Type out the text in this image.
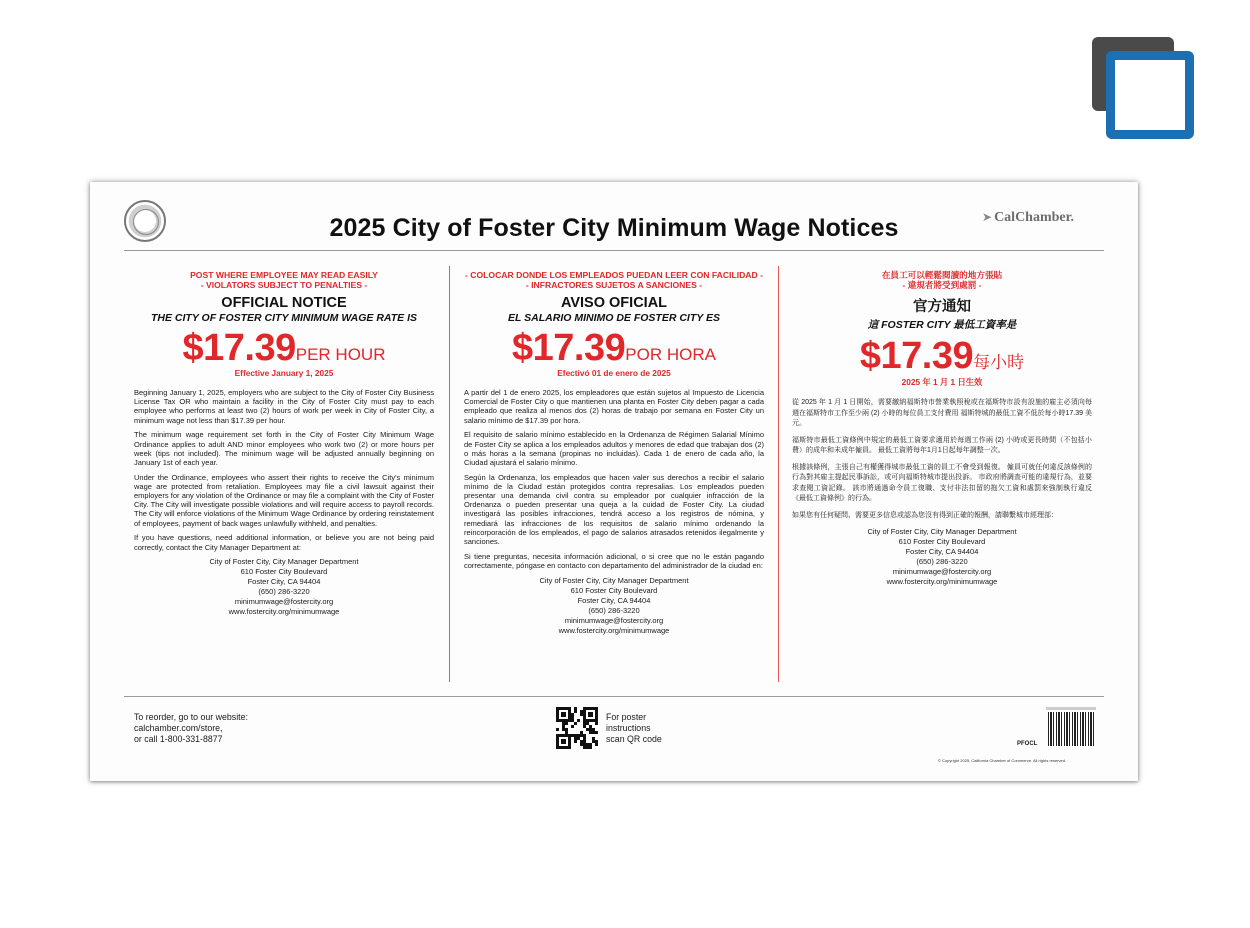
2025 City of Foster City Minimum Wage Notices	➤ CalChamber.
POST WHERE EMPLOYEE MAY READ EASILY
- VIOLATORS SUBJECT TO PENALTIES -
OFFICIAL NOTICE
THE CITY OF FOSTER CITY MINIMUM WAGE RATE IS
$17.39PER HOUR
Effective January 1, 2025

Beginning January 1, 2025, employers who are subject to the City of Foster City Business License Tax OR who maintain a facility in the City of Foster City must pay to each employee who performs at least two (2) hours of work per week in City of Foster City, a minimum wage not less than $17.39 per hour.

The minimum wage requirement set forth in the City of Foster City Minimum Wage Ordinance applies to adult AND minor employees who work two (2) or more hours per week (tips not included). The minimum wage will be adjusted annually beginning on January 1st of each year.

Under the Ordinance, employees who assert their rights to receive the City's minimum wage are protected from retaliation. Employees may file a civil lawsuit against their employers for any violation of the Ordinance or may file a complaint with the City of Foster City. The City will investigate possible violations and will require access to payroll records. The City will enforce violations of the Minimum Wage Ordinance by ordering reinstatement of employees, payment of back wages unlawfully withheld, and penalties.

If you have questions, need additional information, or believe you are not being paid correctly, contact the City Manager Department at:

City of Foster City, City Manager Department
610 Foster City Boulevard
Foster City, CA 94404
(650) 286-3220
minimumwage@fostercity.org
www.fostercity.org/minimumwage
- COLOCAR DONDE LOS EMPLEADOS PUEDAN LEER CON FACILIDAD -
- INFRACTORES SUJETOS A SANCIONES -
AVISO OFICIAL
EL SALARIO MINIMO DE FOSTER CITY ES
$17.39POR HORA
Efectivó 01 de enero de 2025

A partir del 1 de enero 2025, los empleadores que están sujetos al Impuesto de Licencia Comercial de Foster City o que mantienen una planta en Foster City deben pagar a cada empleado que realiza al menos dos (2) horas de trabajo por semana en Foster City un salario mínimo de $17.39 por hora.

El requisito de salario mínimo establecido en la Ordenanza de Régimen Salarial Mínimo de Foster City se aplica a los empleados adultos y menores de edad que trabajan dos (2) o más horas a la semana (propinas no incluidas). Cada 1 de enero de cada año, la Ciudad ajustará el salario mínimo.

Según la Ordenanza, los empleados que hacen valer sus derechos a recibir el salario mínimo de la Ciudad están protegidos contra represalias. Los empleados pueden presentar una demanda civil contra su empleador por cualquier infracción de la Ordenanza o pueden presentar una queja a la cuidad de Foster City. La ciudad investigará las posibles infracciones, tendrá acceso a los registros de nómina, y remediará las infracciones de los requisitos de salario mínimo ordenando la reincorporación de los empleados, el pago de salarios atrasados retenidos ilegalmente y sanciones.

Si tiene preguntas, necesita información adicional, o si cree que no le están pagando correctamente, póngase en contacto con departamento del administrador de la ciudad en:

City of Foster City, City Manager Department
610 Foster City Boulevard
Foster City, CA 94404
(650) 286-3220
minimumwage@fostercity.org
www.fostercity.org/minimumwage
在員工可以輕鬆閱讀的地方張貼
- 違規者將受到處罰 -
官方通知
這 FOSTER CITY 最低工資率是
$17.39每小時
2025 年 1 月 1 日生效

從 2025 年 1 月 1 日開始，需要繳納福斯特市營業執照稅或在福斯特市設有設施的雇主必須向每週在福斯特市工作至少兩 (2) 小時的每位員工支付費用 福斯特城的最低工資不低於每小時17.39 美元。

福斯特市最低工資條例中規定的最低工資要求適用於每週工作兩 (2) 小時或更長時間（不包括小費）的成年和未成年僱員。 最低工資將每年1月1日起每年調整一次。

根據該條例，主張自己有權獲得城市最低工資的員工不會受到報復。 僱員可就任何違反該條例的行為對其雇主提起民事訴訟，或可向福斯特城市提出投訴。 市政府將調查可能的違規行為，並要求查閱工資記錄。 該市將通過命令員工復職、支付非法扣留的拖欠工資和處罰來強制執行違反《最低工資條例》的行為。

如果您有任何疑問、需要更多信息或認為您沒有得到正確的報酬，請聯繫城市經理部：

City of Foster City, City Manager Department
610 Foster City Boulevard
Foster City, CA 94404
(650) 286-3220
minimumwage@fostercity.org
www.fostercity.org/minimumwage
To reorder, go to our website:
calchamber.com/store,
or call 1-800-331-8877
For poster
instructions
scan QR code	PFOCL
© Copyright 2025, California Chamber of Commerce. All rights reserved.
